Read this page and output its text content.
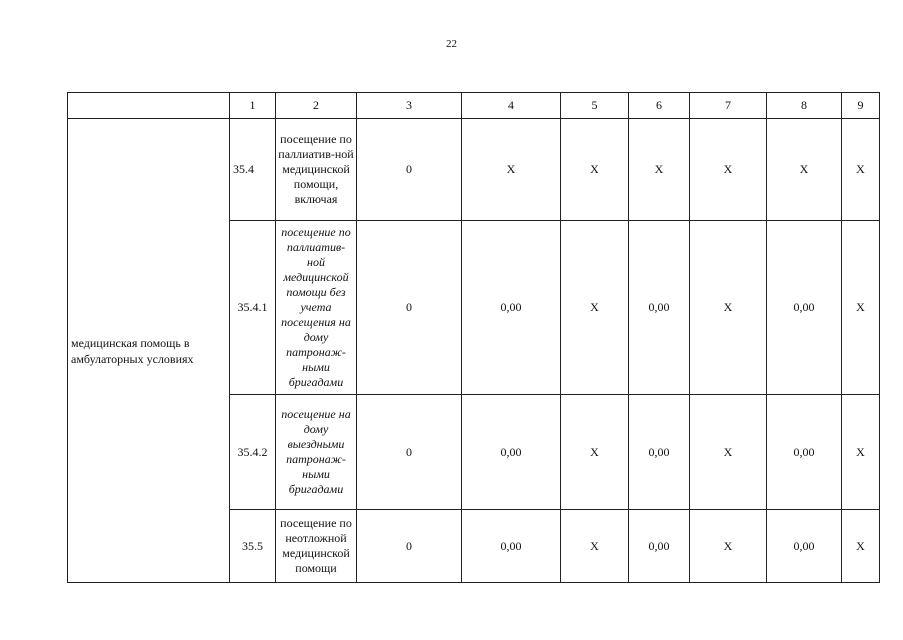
22
	1	2	3	4	5	6	7	8	9
медицинская помощь в амбулаторных условиях	35.4	посещение по паллиатив-ной медицинской помощи, включая	0	X	X	X	X	X	X
	35.4.1	посещение по паллиатив-ной медицинской помощи без учета посещения на дому патронаж-ными бригадами	0	0,00	X	0,00	X	0,00	X
	35.4.2	посещение на дому выездными патронаж-ными бригадами	0	0,00	X	0,00	X	0,00	X
	35.5	посещение по неотложной медицинской помощи	0	0,00	X	0,00	X	0,00	X
